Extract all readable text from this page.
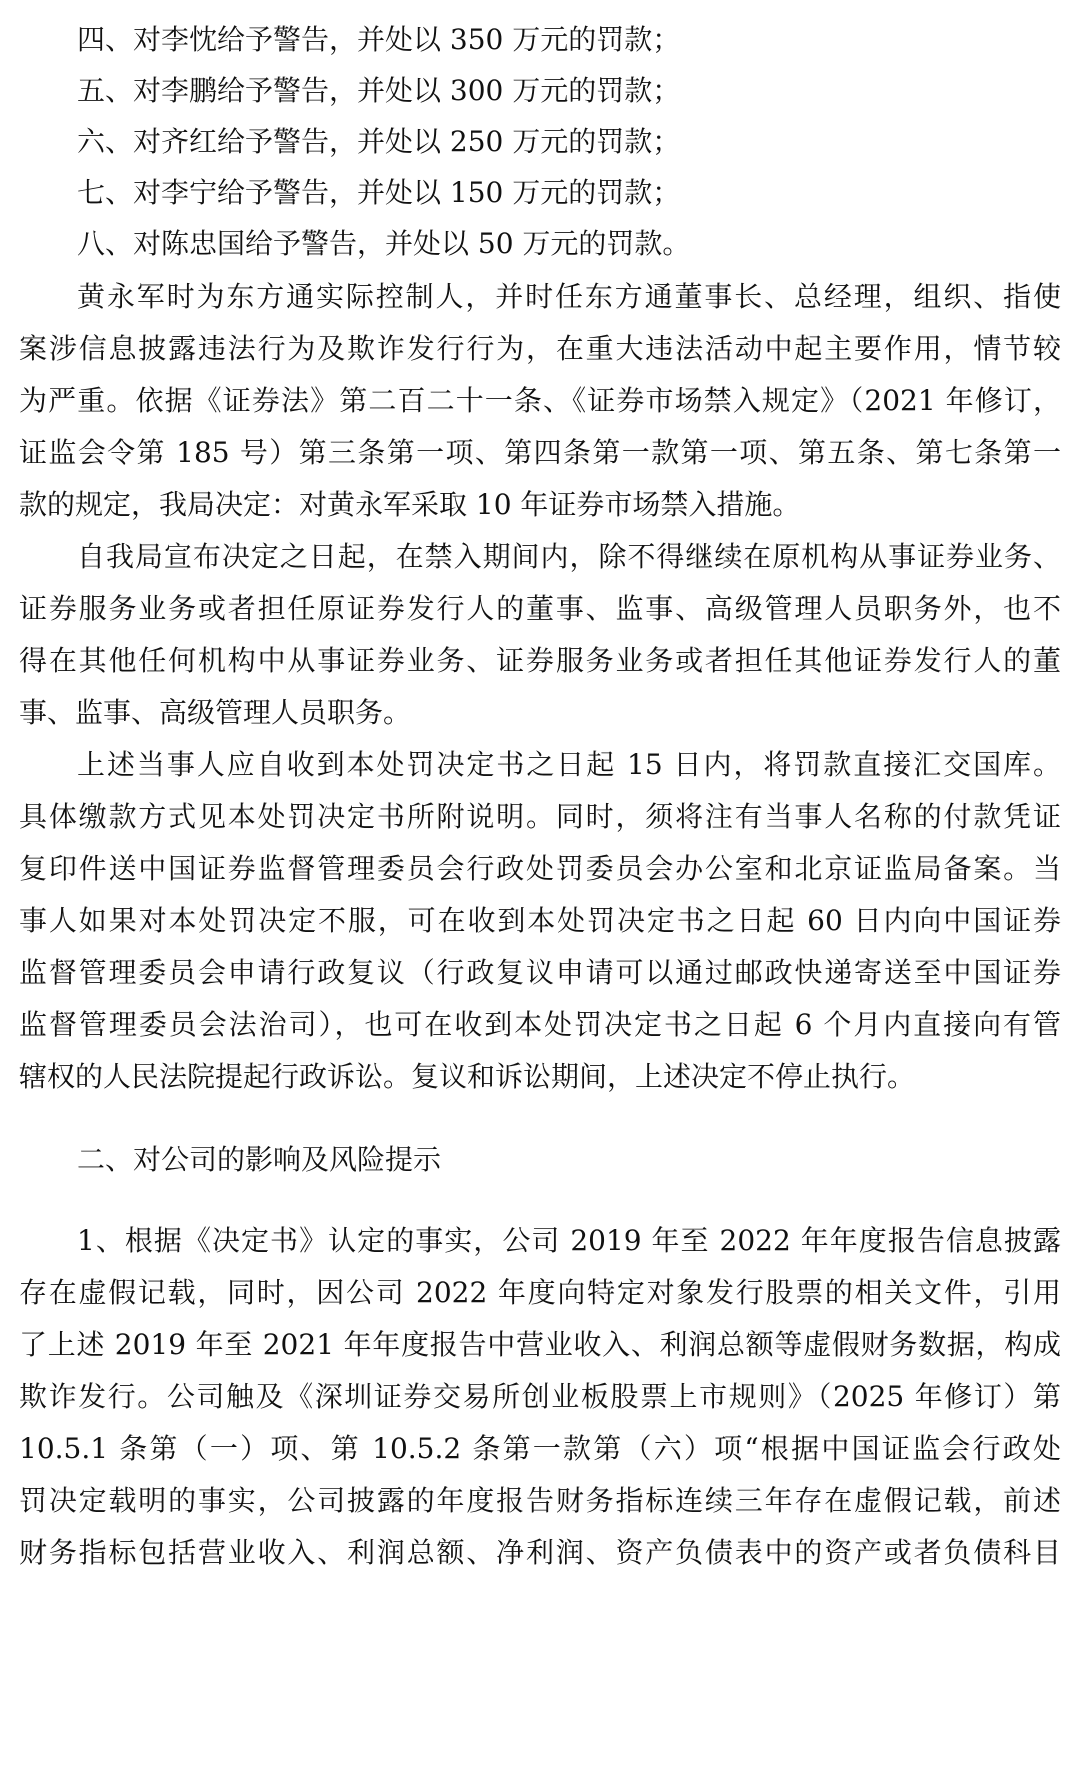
四、对李忱给予警告，并处以 350 万元的罚款；

五、对李鹏给予警告，并处以 300 万元的罚款；

六、对齐红给予警告，并处以 250 万元的罚款；

七、对李宁给予警告，并处以 150 万元的罚款；

八、对陈忠国给予警告，并处以 50 万元的罚款。

黄永军时为东方通实际控制人，并时任东方通董事长、总经理，组织、指使

案涉信息披露违法行为及欺诈发行行为，在重大违法活动中起主要作用，情节较

为严重。依据《证券法》第二百二十一条、《证券市场禁入规定》（2021 年修订，

证监会令第 185 号）第三条第一项、第四条第一款第一项、第五条、第七条第一

款的规定，我局决定：对黄永军采取 10 年证券市场禁入措施。

自我局宣布决定之日起，在禁入期间内，除不得继续在原机构从事证券业务、

证券服务业务或者担任原证券发行人的董事、监事、高级管理人员职务外，也不

得在其他任何机构中从事证券业务、证券服务业务或者担任其他证券发行人的董

事、监事、高级管理人员职务。

上述当事人应自收到本处罚决定书之日起 15 日内，将罚款直接汇交国库。

具体缴款方式见本处罚决定书所附说明。同时，须将注有当事人名称的付款凭证

复印件送中国证券监督管理委员会行政处罚委员会办公室和北京证监局备案。当

事人如果对本处罚决定不服，可在收到本处罚决定书之日起 60 日内向中国证券

监督管理委员会申请行政复议（行政复议申请可以通过邮政快递寄送至中国证券

监督管理委员会法治司），也可在收到本处罚决定书之日起 6 个月内直接向有管

辖权的人民法院提起行政诉讼。复议和诉讼期间，上述决定不停止执行。

二、对公司的影响及风险提示

1、根据《决定书》认定的事实，公司 2019 年至 2022 年年度报告信息披露

存在虚假记载，同时，因公司 2022 年度向特定对象发行股票的相关文件，引用

了上述 2019 年至 2021 年年度报告中营业收入、利润总额等虚假财务数据，构成

欺诈发行。公司触及《深圳证券交易所创业板股票上市规则》（2025 年修订）第

10.5.1 条第（一）项、第 10.5.2 条第一款第（六）项“根据中国证监会行政处

罚决定载明的事实，公司披露的年度报告财务指标连续三年存在虚假记载，前述

财务指标包括营业收入、利润总额、净利润、资产负债表中的资产或者负债科目
